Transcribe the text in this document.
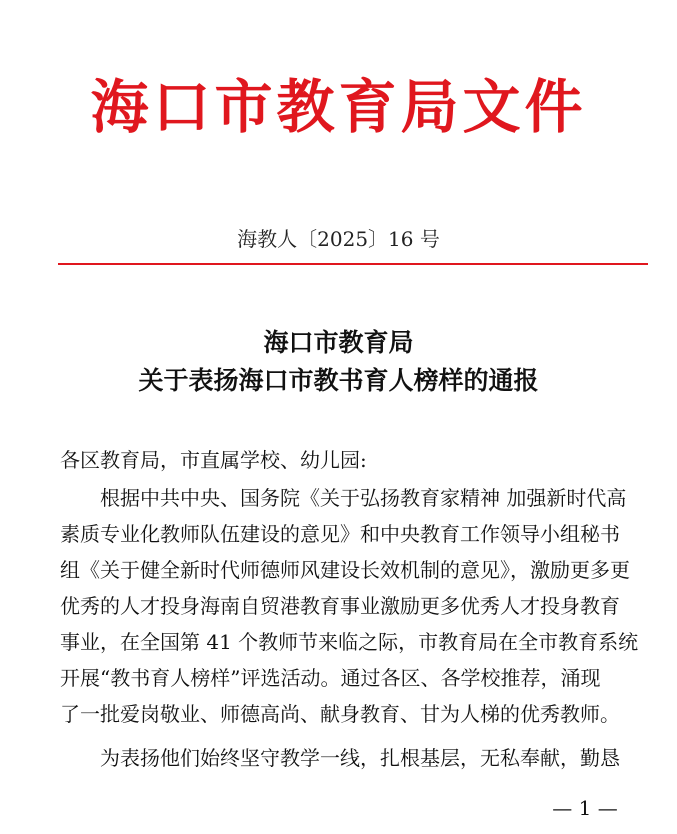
海口市教育局文件
海教人〔2025〕16 号
海口市教育局
关于表扬海口市教书育人榜样的通报
各区教育局，市直属学校、幼儿园:
　　根据中共中央、国务院《关于弘扬教育家精神 加强新时代高
素质专业化教师队伍建设的意见》和中央教育工作领导小组秘书
组《关于健全新时代师德师风建设长效机制的意见》，激励更多更
优秀的人才投身海南自贸港教育事业激励更多优秀人才投身教育
事业，在全国第 41 个教师节来临之际，市教育局在全市教育系统
开展“教书育人榜样”评选活动。通过各区、各学校推荐，涌现
了一批爱岗敬业、师德高尚、献身教育、甘为人梯的优秀教师。
　　为表扬他们始终坚守教学一线，扎根基层，无私奉献，勤恳
— 1 —
